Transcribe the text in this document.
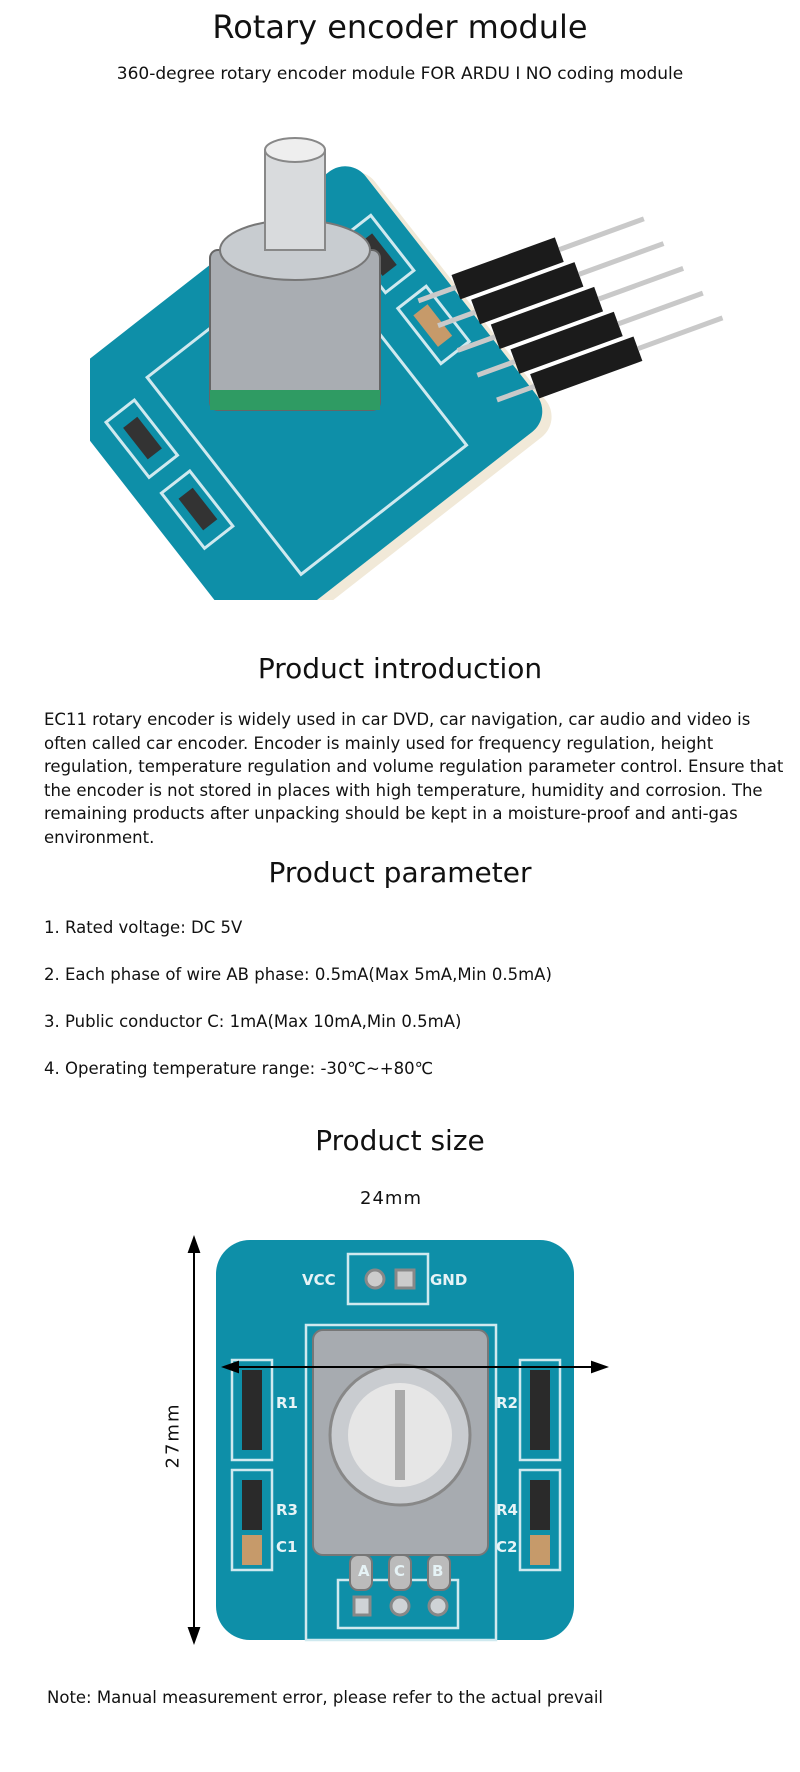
Rotary encoder module
360-degree rotary encoder module FOR ARDU I NO coding module
Product introduction

EC11 rotary encoder is widely used in car DVD, car navigation, car audio and video is often called car encoder. Encoder is mainly used for frequency regulation, height regulation, temperature regulation and volume regulation parameter control. Ensure that the encoder is not stored in places with high temperature, humidity and corrosion. The remaining products after unpacking should be kept in a moisture-proof and anti-gas environment.

Product parameter
1. Rated voltage: DC 5V
2. Each phase of wire AB phase: 0.5mA(Max 5mA,Min 0.5mA)
3. Public conductor C: 1mA(Max 10mA,Min 0.5mA)
4. Operating temperature range: -30℃~+80℃
Product size
24mm
27mm
VCC	GND
R1	R2
R3	R4
C1	C2
A C B
Note: Manual measurement error, please refer to the actual prevail
